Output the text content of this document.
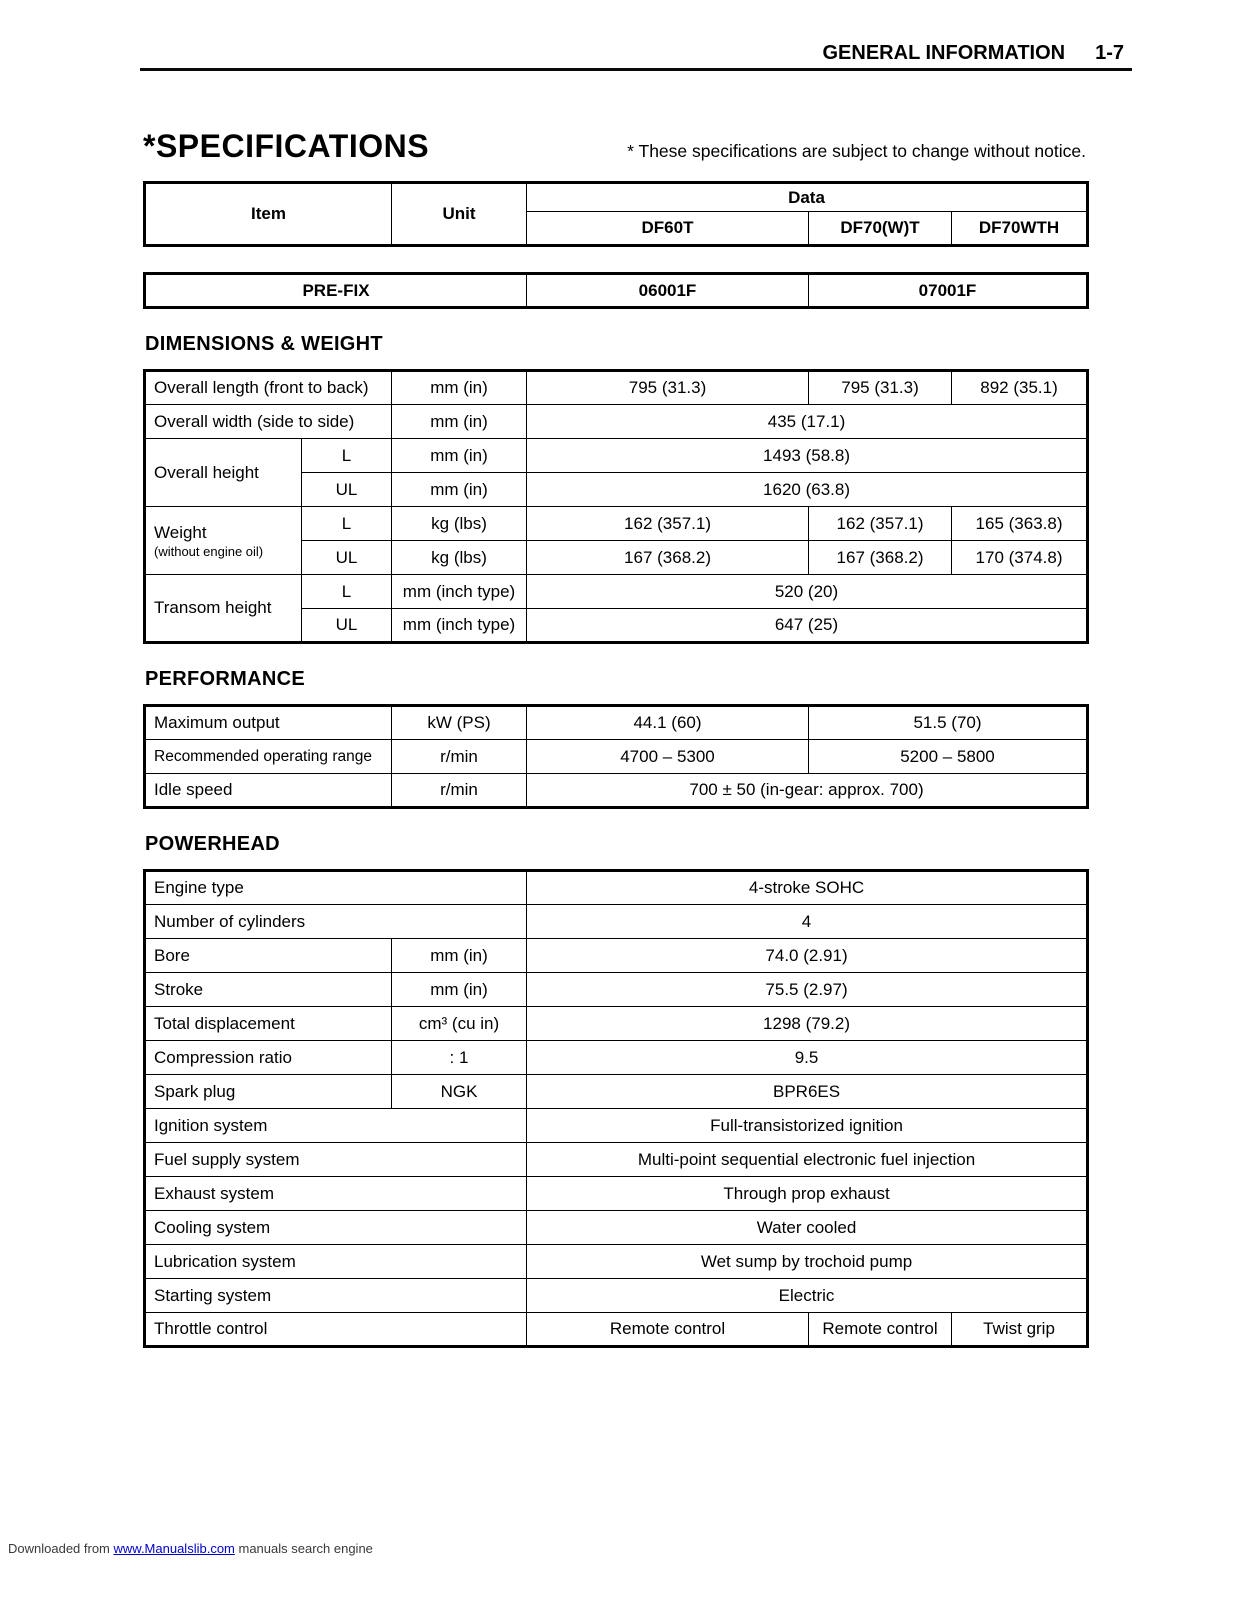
GENERAL INFORMATION 1-7
*SPECIFICATIONS	* These specifications are subject to change without notice.
Item	Unit	Data		
		DF60T	DF70(W)T	DF70WTH
PRE-FIX	06001F	07001F
DIMENSIONS & WEIGHT
Overall length (front to back)		mm (in)	795 (31.3)	795 (31.3)	892 (35.1)
Overall width (side to side)		mm (in)	435 (17.1)		
Overall height	L	mm (in)	1493 (58.8)		
	UL	mm (in)	1620 (63.8)		
Weight
(without engine oil)	L	kg (lbs)	162 (357.1)	162 (357.1)	165 (363.8)
	UL	kg (lbs)	167 (368.2)	167 (368.2)	170 (374.8)
Transom height	L	mm (inch type)	520 (20)		
	UL	mm (inch type)	647 (25)		
PERFORMANCE
Maximum output	kW (PS)	44.1 (60)	51.5 (70)
Recommended operating range	r/min	4700 – 5300	5200 – 5800
Idle speed	r/min	700 ± 50 (in-gear: approx. 700)	
POWERHEAD
Engine type		4-stroke SOHC		
Number of cylinders		4		
Bore	mm (in)	74.0 (2.91)		
Stroke	mm (in)	75.5 (2.97)		
Total displacement	cm³ (cu in)	1298 (79.2)		
Compression ratio	: 1	9.5		
Spark plug	NGK	BPR6ES		
Ignition system		Full-transistorized ignition		
Fuel supply system		Multi-point sequential electronic fuel injection		
Exhaust system		Through prop exhaust		
Cooling system		Water cooled		
Lubrication system		Wet sump by trochoid pump		
Starting system		Electric		
Throttle control		Remote control	Remote control	Twist grip
Downloaded from www.Manualslib.com manuals search engine
